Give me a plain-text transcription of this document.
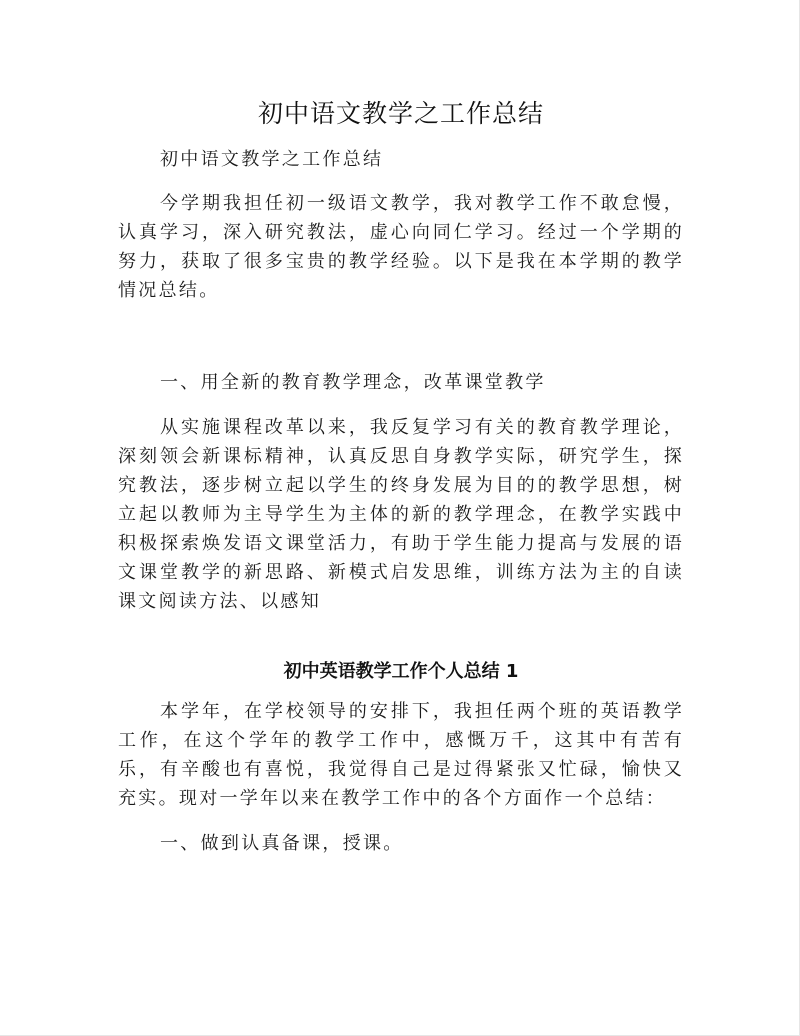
初中语文教学之工作总结

初中语文教学之工作总结

今学期我担任初一级语文教学，我对教学工作不敢怠慢，认真学习，深入研究教法，虚心向同仁学习。经过一个学期的努力，获取了很多宝贵的教学经验。以下是我在本学期的教学情况总结。

一、用全新的教育教学理念，改革课堂教学

从实施课程改革以来，我反复学习有关的教育教学理论，深刻领会新课标精神，认真反思自身教学实际，研究学生，探究教法，逐步树立起以学生的终身发展为目的的教学思想，树立起以教师为主导学生为主体的新的教学理念，在教学实践中积极探索焕发语文课堂活力，有助于学生能力提高与发展的语文课堂教学的新思路、新模式启发思维，训练方法为主的自读课文阅读方法、以感知

初中英语教学工作个人总结 1

本学年，在学校领导的安排下，我担任两个班的英语教学工作，在这个学年的教学工作中，感慨万千，这其中有苦有乐，有辛酸也有喜悦，我觉得自己是过得紧张又忙碌，愉快又充实。现对一学年以来在教学工作中的各个方面作一个总结：

一、做到认真备课，授课。
